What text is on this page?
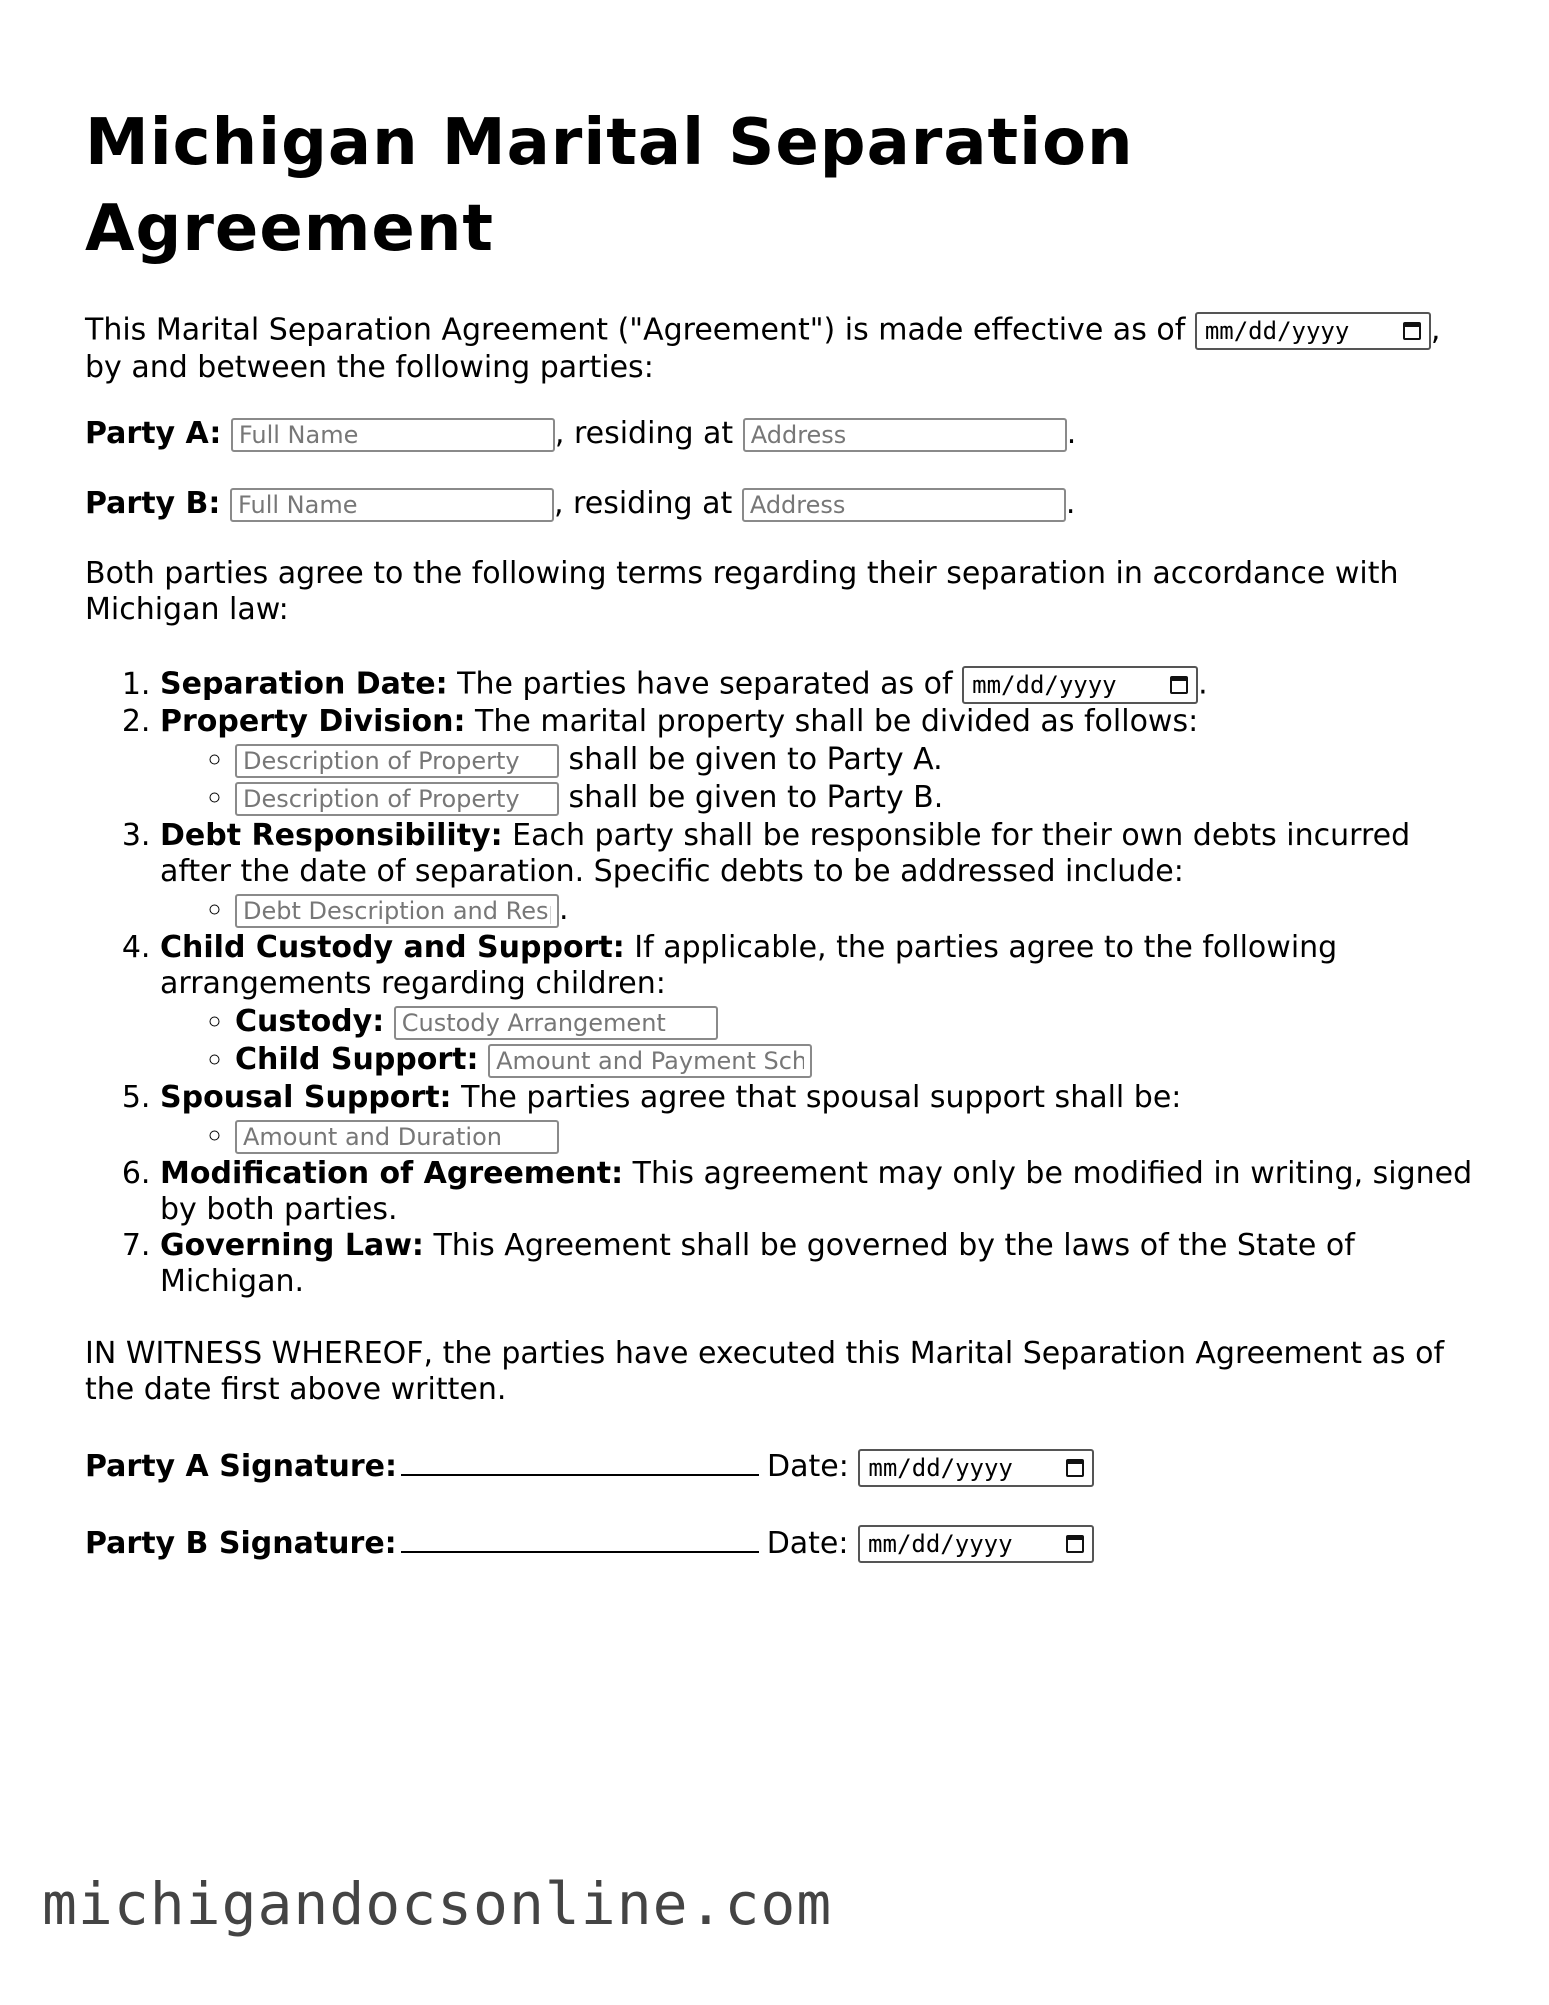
Michigan Marital Separation Agreement

This Marital Separation Agreement ("Agreement") is made effective as of mm/dd/yyyy	,
by and between the following parties:

Party A: Full Name	, residing at Address	.

Party B: Full Name	, residing at Address	.

Both parties agree to the following terms regarding their separation in accordance with Michigan law:

1. Separation Date: The parties have separated as of mm/dd/yyyy	.
2. Property Division: The marital property shall be divided as follows:
Description of Property ◦ shall be given to Party A.
Description of Property ◦ shall be given to Party B.
3. Debt Responsibility: Each party shall be responsible for their own debts incurred after the date of separation. Specific debts to be addressed include:
Debt Description and Responsibility ◦ .
4. Child Custody and Support: If applicable, the parties agree to the following arrangements regarding children:
◦ Custody: Custody Arrangement
◦ Child Support: Amount and Payment Schedule
5. Spousal Support: The parties agree that spousal support shall be:
◦ Amount and Duration
6. Modification of Agreement: This agreement may only be modified in writing, signed by both parties.
7. Governing Law: This Agreement shall be governed by the laws of the State of Michigan.

IN WITNESS WHEREOF, the parties have executed this Marital Separation Agreement as of the date first above written.

Party A Signature:	Date: mm/dd/yyyy

Party B Signature:	Date: mm/dd/yyyy

michigandocsonline.com
